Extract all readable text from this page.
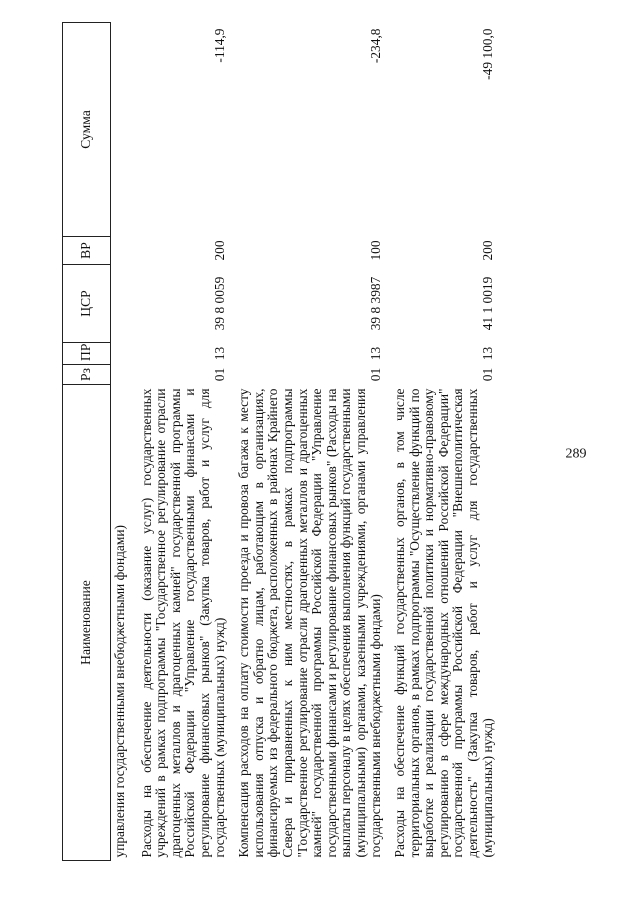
289
Наименование	Рз	ПР	ЦСР	ВР	Сумма
управления государственными внебюджетными фондами)					
Расходы на обеспечение деятельности (оказание услуг) государственных учреждений в рамках подпрограммы "Государственное регулирование отрасли драгоценных металлов и драгоценных камней" государственной программы Российской Федерации "Управление государственными финансами и регулирование финансовых рынков" (Закупка товаров, работ и услуг для государственных (муниципальных) нужд)	01	13	39 8 0059	200	-114,9
Компенсация расходов на оплату стоимости проезда и провоза багажа к месту использования отпуска и обратно лицам, работающим в организациях, финансируемых из федерального бюджета, расположенных в районах Крайнего Севера и приравненных к ним местностях, в рамках подпрограммы "Государственное регулирование отрасли драгоценных металлов и драгоценных камней" государственной программы Российской Федерации "Управление государственными финансами и регулирование финансовых рынков" (Расходы на выплаты персоналу в целях обеспечения выполнения функций государственными (муниципальными) органами, казенными учреждениями, органами управления государственными внебюджетными фондами)	01	13	39 8 3987	100	-234,8
Расходы на обеспечение функций государственных органов, в том числе территориальных органов, в рамках подпрограммы "Осуществление функций по выработке и реализации государственной политики и нормативно-правовому регулированию в сфере международных отношений Российской Федерации" государственной программы Российской Федерации "Внешнеполитическая деятельность" (Закупка товаров, работ и услуг для государственных (муниципальных) нужд)	01	13	41 1 0019	200	-49 100,0
